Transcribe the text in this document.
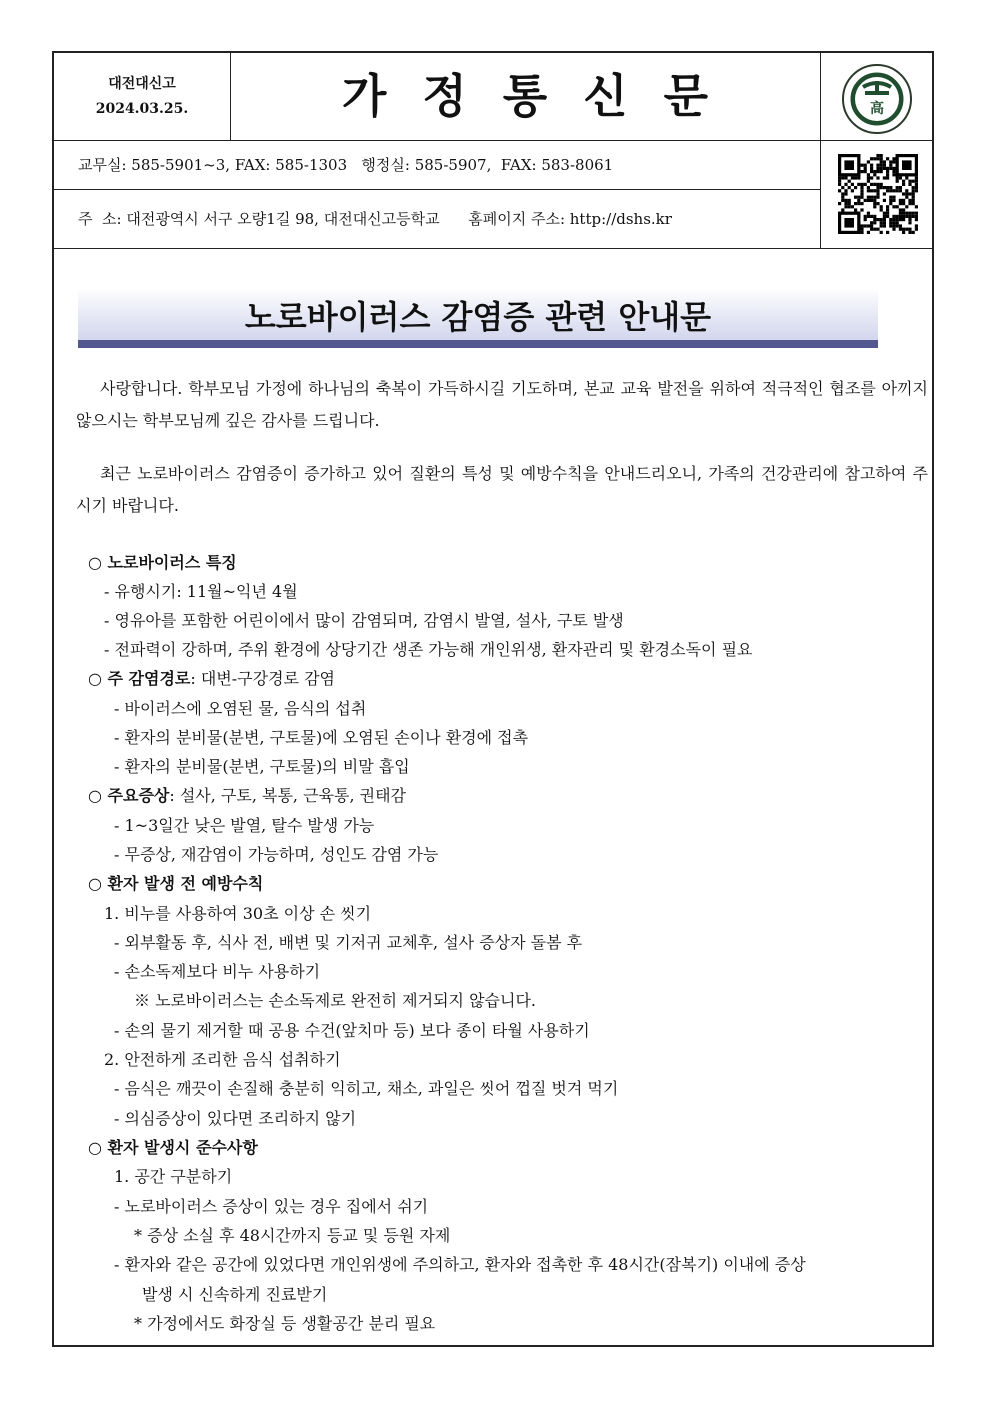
대전대신고
2024.03.25.	가정통신문	高
교무실: 585-5901~3, FAX: 585-1303   행정실: 585-5907,  FAX: 583-8061
주  소: 대전광역시 서구 오량1길 98, 대전대신고등학교      홈페이지 주소: http://dshs.kr
노로바이러스 감염증 관련 안내문
사랑합니다. 학부모님 가정에 하나님의 축복이 가득하시길 기도하며, 본교 교육 발전을 위하여 적극적인 협조를 아끼지 않으시는 학부모님께 깊은 감사를 드립니다.
최근 노로바이러스 감염증이 증가하고 있어 질환의 특성 및 예방수칙을 안내드리오니, 가족의 건강관리에 참고하여 주시기 바랍니다.
○ 노로바이러스 특징
- 유행시기: 11월~익년 4월
- 영유아를 포함한 어린이에서 많이 감염되며, 감염시 발열, 설사, 구토 발생
- 전파력이 강하며, 주위 환경에 상당기간 생존 가능해 개인위생, 환자관리 및 환경소독이 필요
○ 주 감염경로: 대변-구강경로 감염
- 바이러스에 오염된 물, 음식의 섭취
- 환자의 분비물(분변, 구토물)에 오염된 손이나 환경에 접촉
- 환자의 분비물(분변, 구토물)의 비말 흡입
○ 주요증상: 설사, 구토, 복통, 근육통, 권태감
- 1~3일간 낮은 발열, 탈수 발생 가능
- 무증상, 재감염이 가능하며, 성인도 감염 가능
○ 환자 발생 전 예방수칙
1. 비누를 사용하여 30초 이상 손 씻기
- 외부활동 후, 식사 전, 배변 및 기저귀 교체후, 설사 증상자 돌봄 후
- 손소독제보다 비누 사용하기
※ 노로바이러스는 손소독제로 완전히 제거되지 않습니다.
- 손의 물기 제거할 때 공용 수건(앞치마 등) 보다 종이 타월 사용하기
2. 안전하게 조리한 음식 섭취하기
- 음식은 깨끗이 손질해 충분히 익히고, 채소, 과일은 씻어 껍질 벗겨 먹기
- 의심증상이 있다면 조리하지 않기
○ 환자 발생시 준수사항
1. 공간 구분하기
- 노로바이러스 증상이 있는 경우 집에서 쉬기
* 증상 소실 후 48시간까지 등교 및 등원 자제
- 환자와 같은 공간에 있었다면 개인위생에 주의하고, 환자와 접촉한 후 48시간(잠복기) 이내에 증상
발생 시 신속하게 진료받기
* 가정에서도 화장실 등 생활공간 분리 필요
